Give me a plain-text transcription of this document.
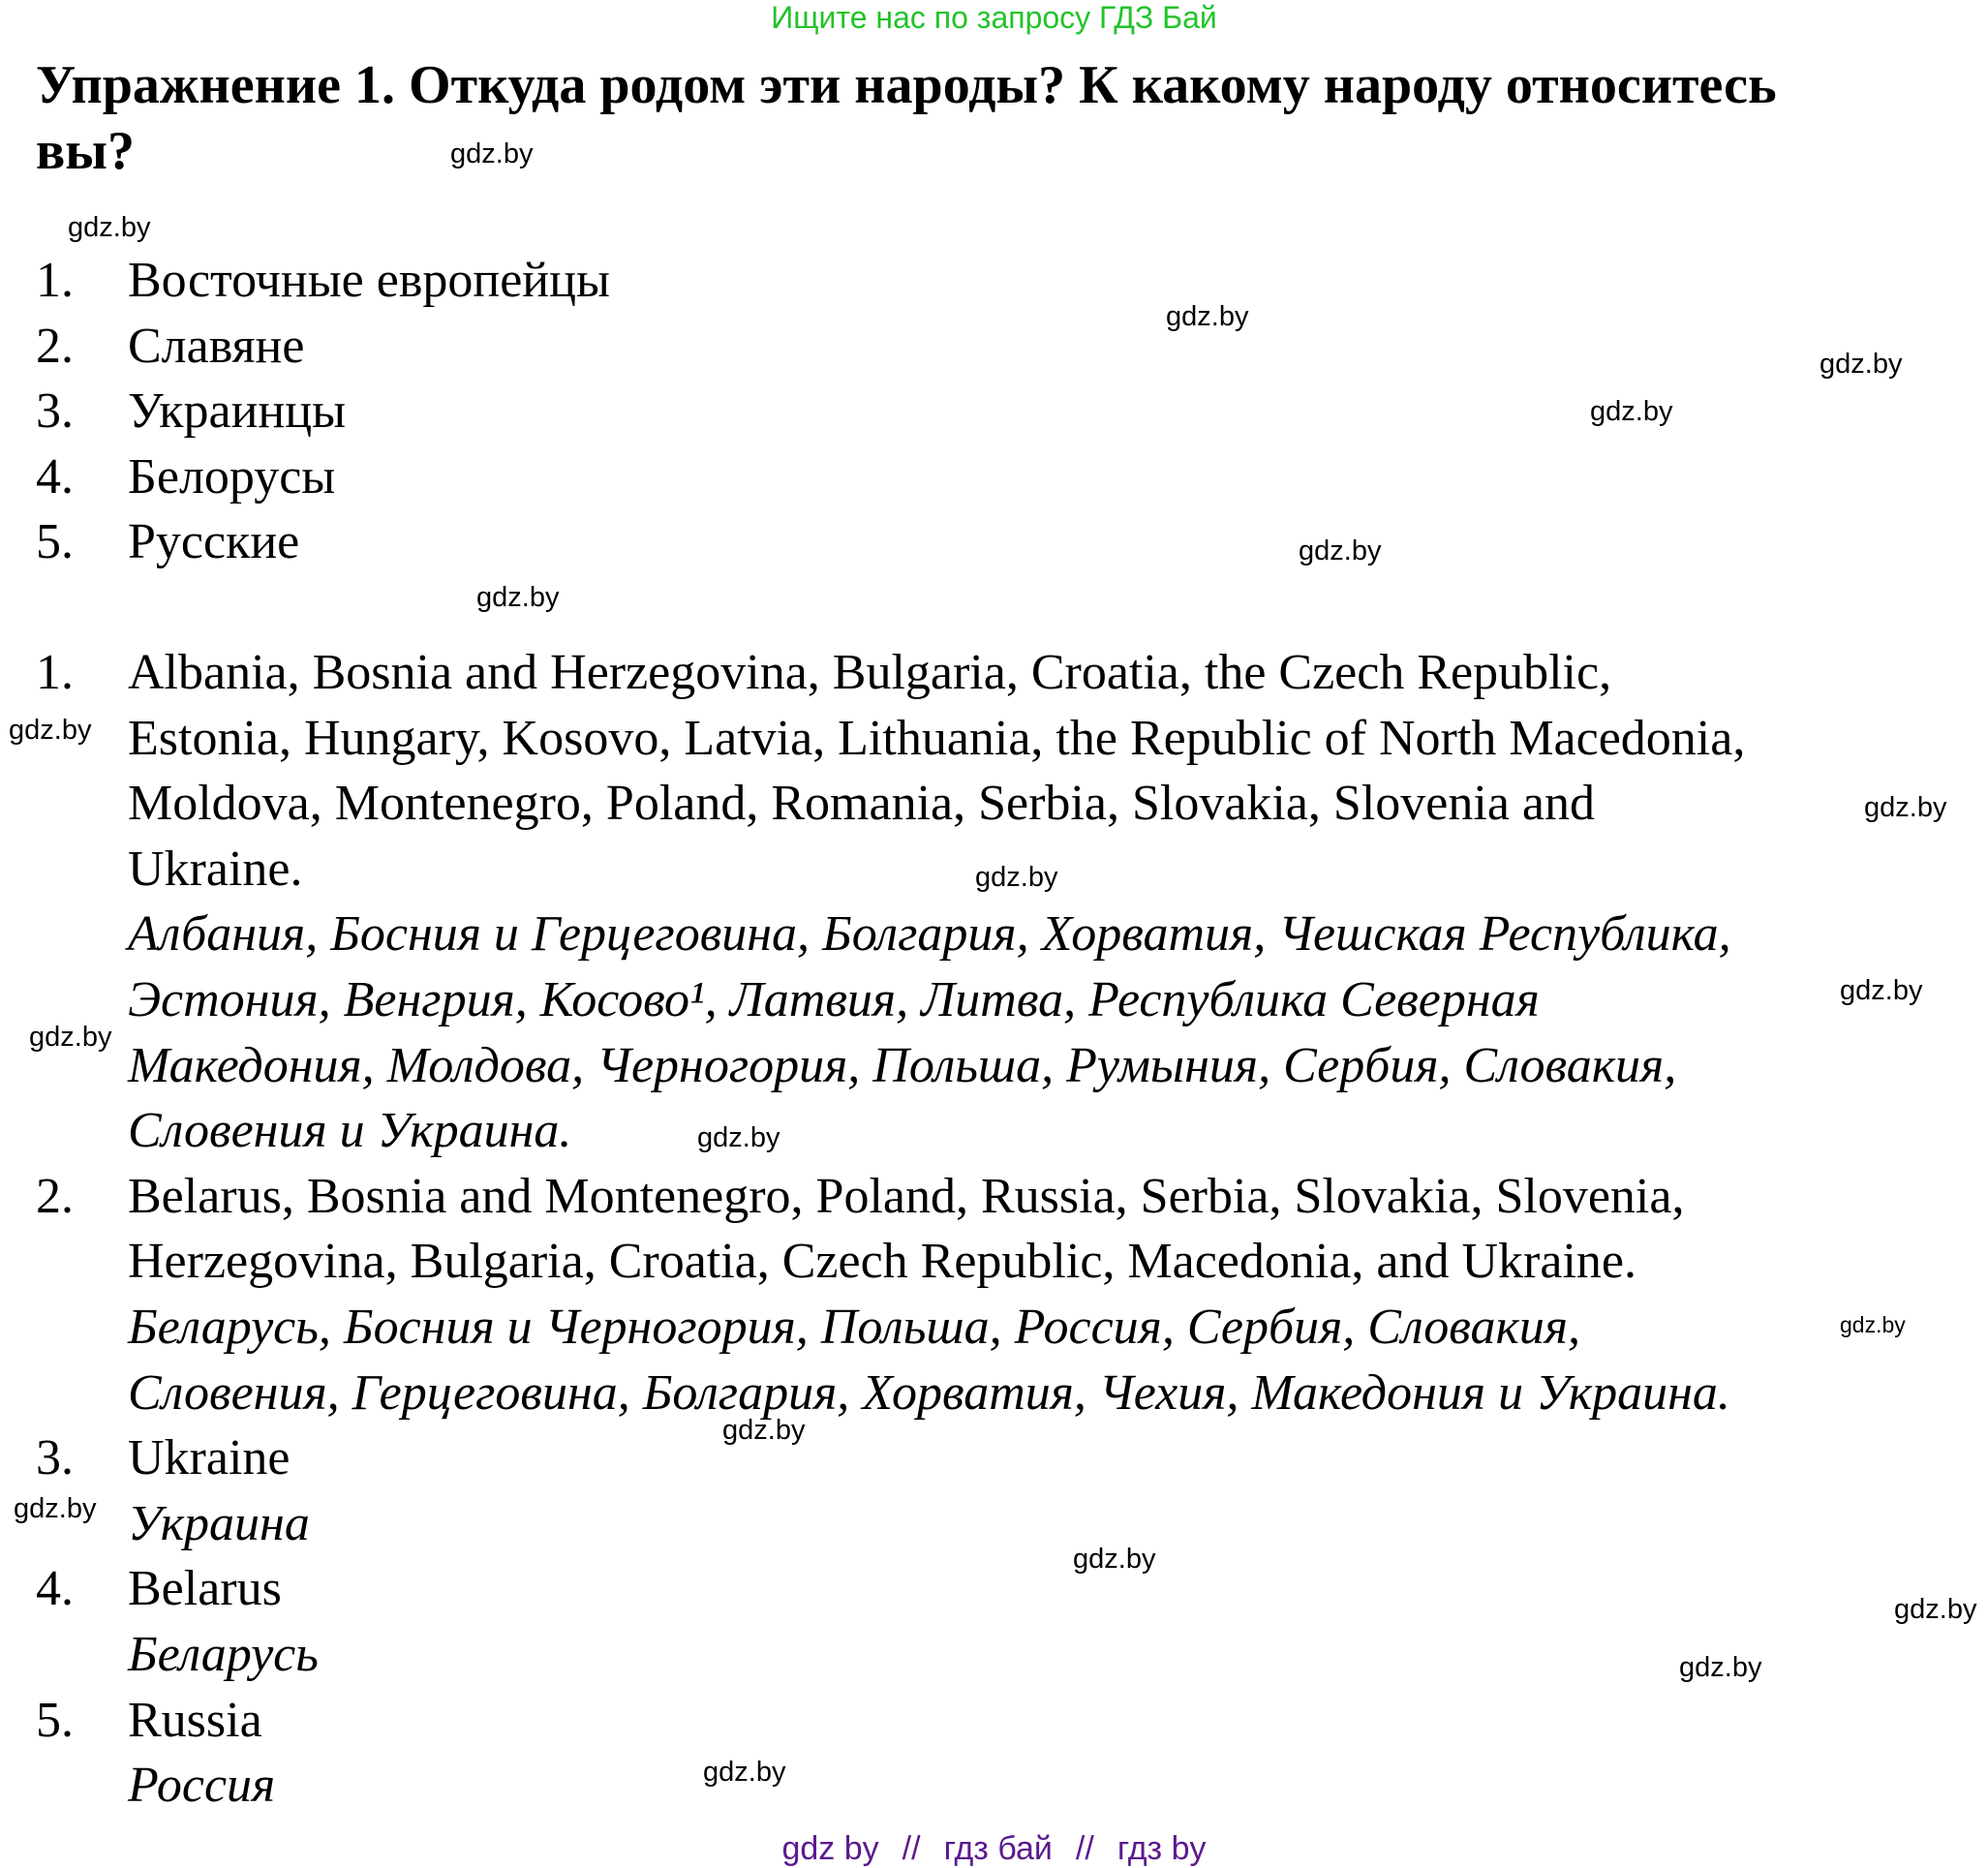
Ищите нас по запросу ГДЗ Бай
Упражнение 1. Откуда родом эти народы? К какому народу относитесь
вы?
1. Восточные европейцы
2. Славяне
3. Украинцы
4. Белорусы
5. Русские
1. Albania, Bosnia and Herzegovina, Bulgaria, Croatia, the Czech Republic,
Estonia, Hungary, Kosovo, Latvia, Lithuania, the Republic of North Macedonia,
Moldova, Montenegro, Poland, Romania, Serbia, Slovakia, Slovenia and
Ukraine.
Албания, Босния и Герцеговина, Болгария, Хорватия, Чешская Республика,
Эстония, Венгрия, Косово¹, Латвия, Литва, Республика Северная
Македония, Молдова, Черногория, Польша, Румыния, Сербия, Словакия,
Словения и Украина.
2. Belarus, Bosnia and Montenegro, Poland, Russia, Serbia, Slovakia, Slovenia,
Herzegovina, Bulgaria, Croatia, Czech Republic, Macedonia, and Ukraine.
Беларусь, Босния и Черногория, Польша, Россия, Сербия, Словакия,
Словения, Герцеговина, Болгария, Хорватия, Чехия, Македония и Украина.
3. Ukraine
Украина
4. Belarus
Беларусь
5. Russia
Россия
gdz.by
gdz.by
gdz.by
gdz.by
gdz.by
gdz.by
gdz.by
gdz.by
gdz.by
gdz.by
gdz.by
gdz.by
gdz.by
gdz.by
gdz.by
gdz.by
gdz.by
gdz.by
gdz.by
gdz.by
gdz by // гдз бай // гдз by
